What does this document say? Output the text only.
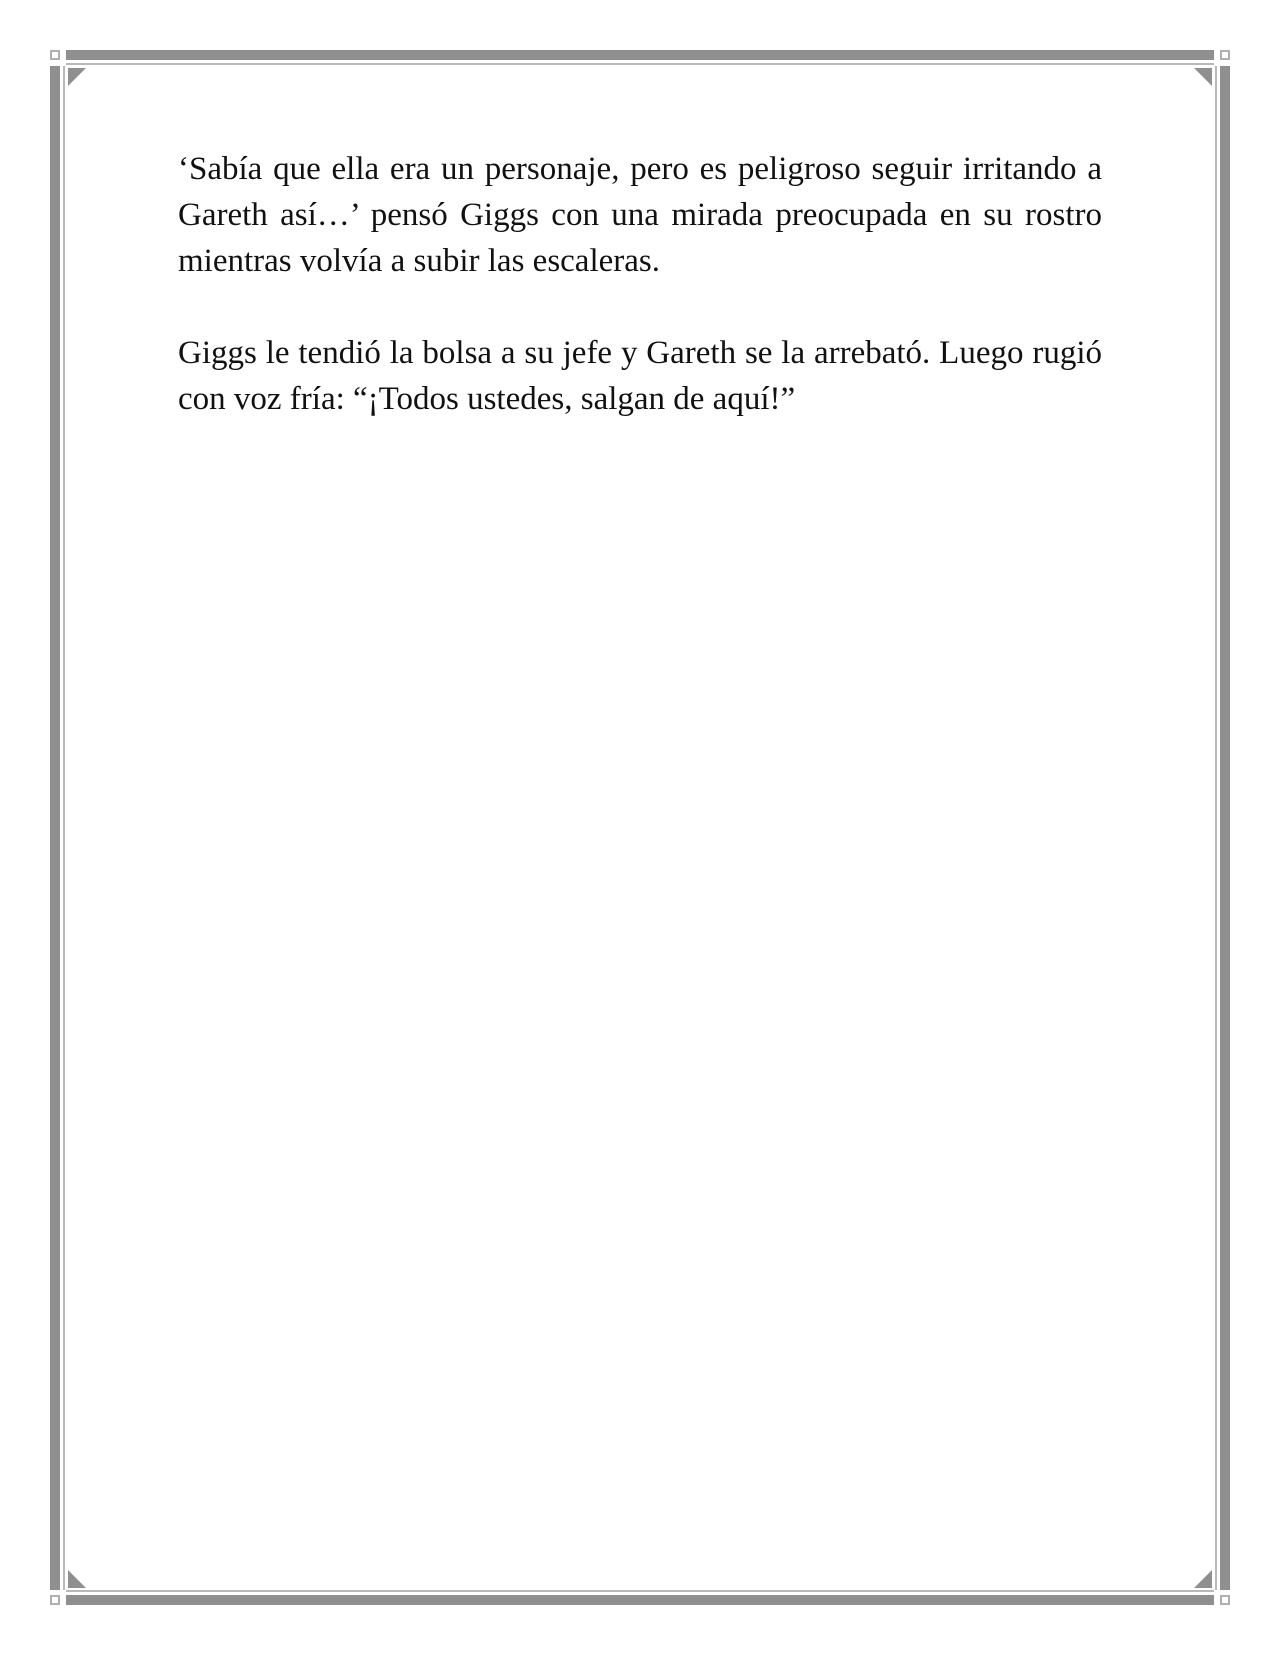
‘Sabía que ella era un personaje, pero es peligroso seguir irritando a Gareth así…’ pensó Giggs con una mirada preocupada en su rostro mientras volvía a subir las escaleras.

Giggs le tendió la bolsa a su jefe y Gareth se la arrebató. Luego rugió con voz fría: “¡Todos ustedes, salgan de aquí!”
